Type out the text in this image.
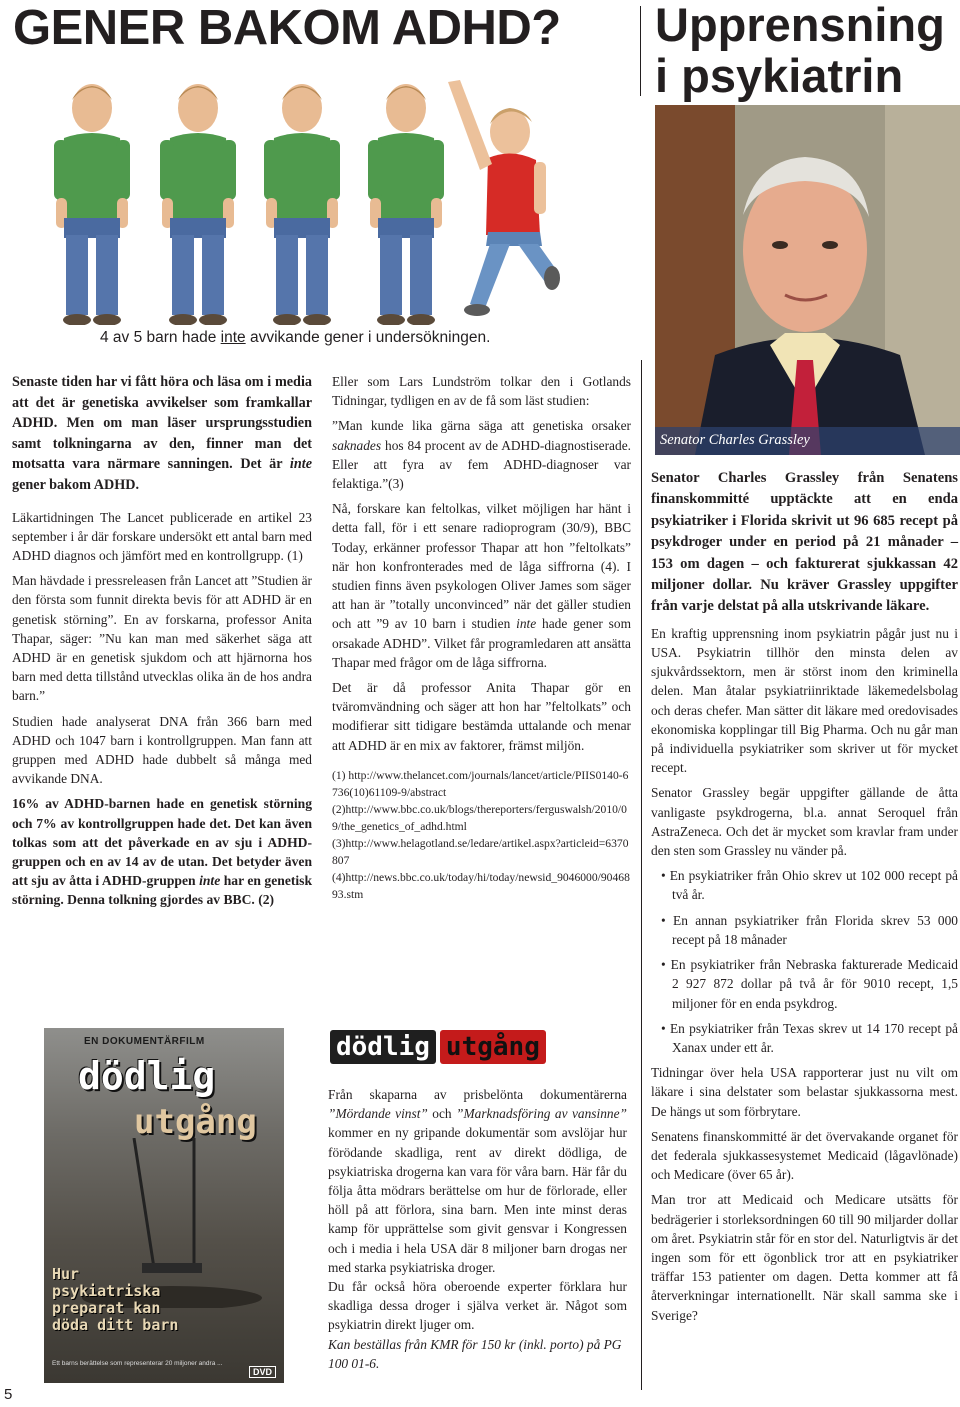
GENER BAKOM ADHD? Upprensning
i psykiatrin
4 av 5 barn hade inte avvikande gener i undersökningen.

Senaste tiden har vi fått höra och läsa om i media att det är genetiska avvikelser som framkallar ADHD. Men om man läser ursprungsstudien samt tolkningarna av den, finner man det motsatta vara närmare sanningen. Det är inte gener bakom ADHD.

Läkartidningen The Lancet publicerade en artikel 23 september i år där forskare undersökt ett antal barn med ADHD diagnos och jämfört med en kontrollgrupp. (1)

Man hävdade i pressreleasen från Lancet att ”Studien är den första som funnit direkta bevis för att ADHD är en genetisk störning”. En av forskarna, professor Anita Thapar, säger: ”Nu kan man med säkerhet säga att ADHD är en genetisk sjukdom och att hjärnorna hos barn med detta tillstånd utvecklas olika än de hos andra barn.”

Studien hade analyserat DNA från 366 barn med ADHD och 1047 barn i kontrollgruppen. Man fann att gruppen med ADHD hade dubbelt så många med avvikande DNA.

16% av ADHD-barnen hade en genetisk störning och 7% av kontrollgruppen hade det. Det kan även tolkas som att det påverkade en av sju i ADHD-gruppen och en av 14 av de utan. Det betyder även att sju av åtta i ADHD-gruppen inte har en genetisk störning. Denna tolkning gjordes av BBC. (2)

EN DOKUMENTÄRFILM
dödlig
utgång
Hur psykiatriska preparat kan döda ditt barn
Ett barns berättelse som representerar 20 miljoner andra ...
DVD
5

Eller som Lars Lundström tolkar den i Gotlands Tidningar, tydligen en av de få som läst studien:

”Man kunde lika gärna säga att genetiska orsaker saknades hos 84 procent av de ADHD-diagnostiserade. Eller att fyra av fem ADHD-diagnoser var felaktiga.”(3)

Nå, forskare kan feltolkas, vilket möjligen har hänt i detta fall, för i ett senare radioprogram (30/9), BBC Today, erkänner professor Thapar att hon ”feltolkats” när hon konfronterades med de låga siffrorna (4). I studien finns även psykologen Oliver James som säger att han är ”totally unconvinced” när det gäller studien och att ”9 av 10 barn i studien inte hade gener som orsakade ADHD”. Vilket får programledaren att ansätta Thapar med frågor om de låga siffrorna.

Det är då professor Anita Thapar gör en tväromvändning och säger att hon har ”feltolkats” och modifierar sitt tidigare bestämda uttalande och menar att ADHD är en mix av faktorer, främst miljön.

(1) http://www.thelancet.com/journals/lancet/article/PIIS0140-6736(10)61109-9/abstract

(2)http://www.bbc.co.uk/blogs/thereporters/ferguswalsh/2010/09/the_genetics_of_adhd.html

(3)http://www.helagotland.se/ledare/artikel.aspx?articleid=6370807

(4)http://news.bbc.co.uk/today/hi/today/newsid_9046000/9046893.stm

dödlig utgång

Från skaparna av prisbelönta dokumentärerna ”Mördande vinst” och ”Marknadsföring av vansinne” kommer en ny gripande dokumentär som avslöjar hur förödande skadliga, rent av direkt dödliga, de psykiatriska drogerna kan vara för våra barn. Här får du följa åtta mödrars berättelse om hur de förlorade, eller höll på att förlora, sina barn. Men inte minst deras kamp för upprättelse som givit gensvar i Kongressen och i media i hela USA där 8 miljoner barn drogas ner med starka psykiatriska droger.

Du får också höra oberoende experter förklara hur skadliga dessa droger i själva verket är. Något som psykiatrin direkt ljuger om.

Kan beställas från KMR för 150 kr (inkl. porto) på PG 100 01-6.

Senator Charles Grassley

Senator Charles Grassley från Senatens finanskommitté upptäckte att en enda psykiatriker i Florida skrivit ut 96 685 recept på psykdroger under en period på 21 månader – 153 om dagen – och fakturerat sjukkassan 42 miljoner dollar. Nu kräver Grassley uppgifter från varje delstat på alla utskrivande läkare.

En kraftig upprensning inom psykiatrin pågår just nu i USA. Psykiatrin tillhör den minsta delen av sjukvårdssektorn, men är störst inom den kriminella delen. Man åtalar psykiatriinriktade läkemedelsbolag och deras chefer. Man sätter dit läkare med oredovisades ekonomiska kopplingar till Big Pharma. Och nu går man på individuella psykiatriker som skriver ut för mycket recept.

Senator Grassley begär uppgifter gällande de åtta vanligaste psykdrogerna, bl.a. annat Seroquel från AstraZeneca. Och det är mycket som kravlar fram under den sten som Grassley nu vänder på.

• En psykiatriker från Ohio skrev ut 102 000 recept på två år.

• En annan psykiatriker från Florida skrev 53 000 recept på 18 månader

• En psykiatriker från Nebraska fakturerade Medicaid 2 927 872 dollar på två år för 9010 recept, 1,5 miljoner för en enda psykdrog.

• En psykiatriker från Texas skrev ut 14 170 recept på Xanax under ett år.

Tidningar över hela USA rapporterar just nu vilt om läkare i sina delstater som belastar sjukkassorna mest. De hängs ut som förbrytare.

Senatens finanskommitté är det övervakande organet för det federala sjukkassesystemet Medicaid (lågavlönade) och Medicare (över 65 år).

Man tror att Medicaid och Medicare utsätts för bedrägerier i storleksordningen 60 till 90 miljarder dollar om året. Psykiatrin står för en stor del. Naturligtvis är det ingen som för ett ögonblick tror att en psykiatriker träffar 153 patienter om dagen. Detta kommer att få återverkningar internationellt. När skall samma ske i Sverige?
